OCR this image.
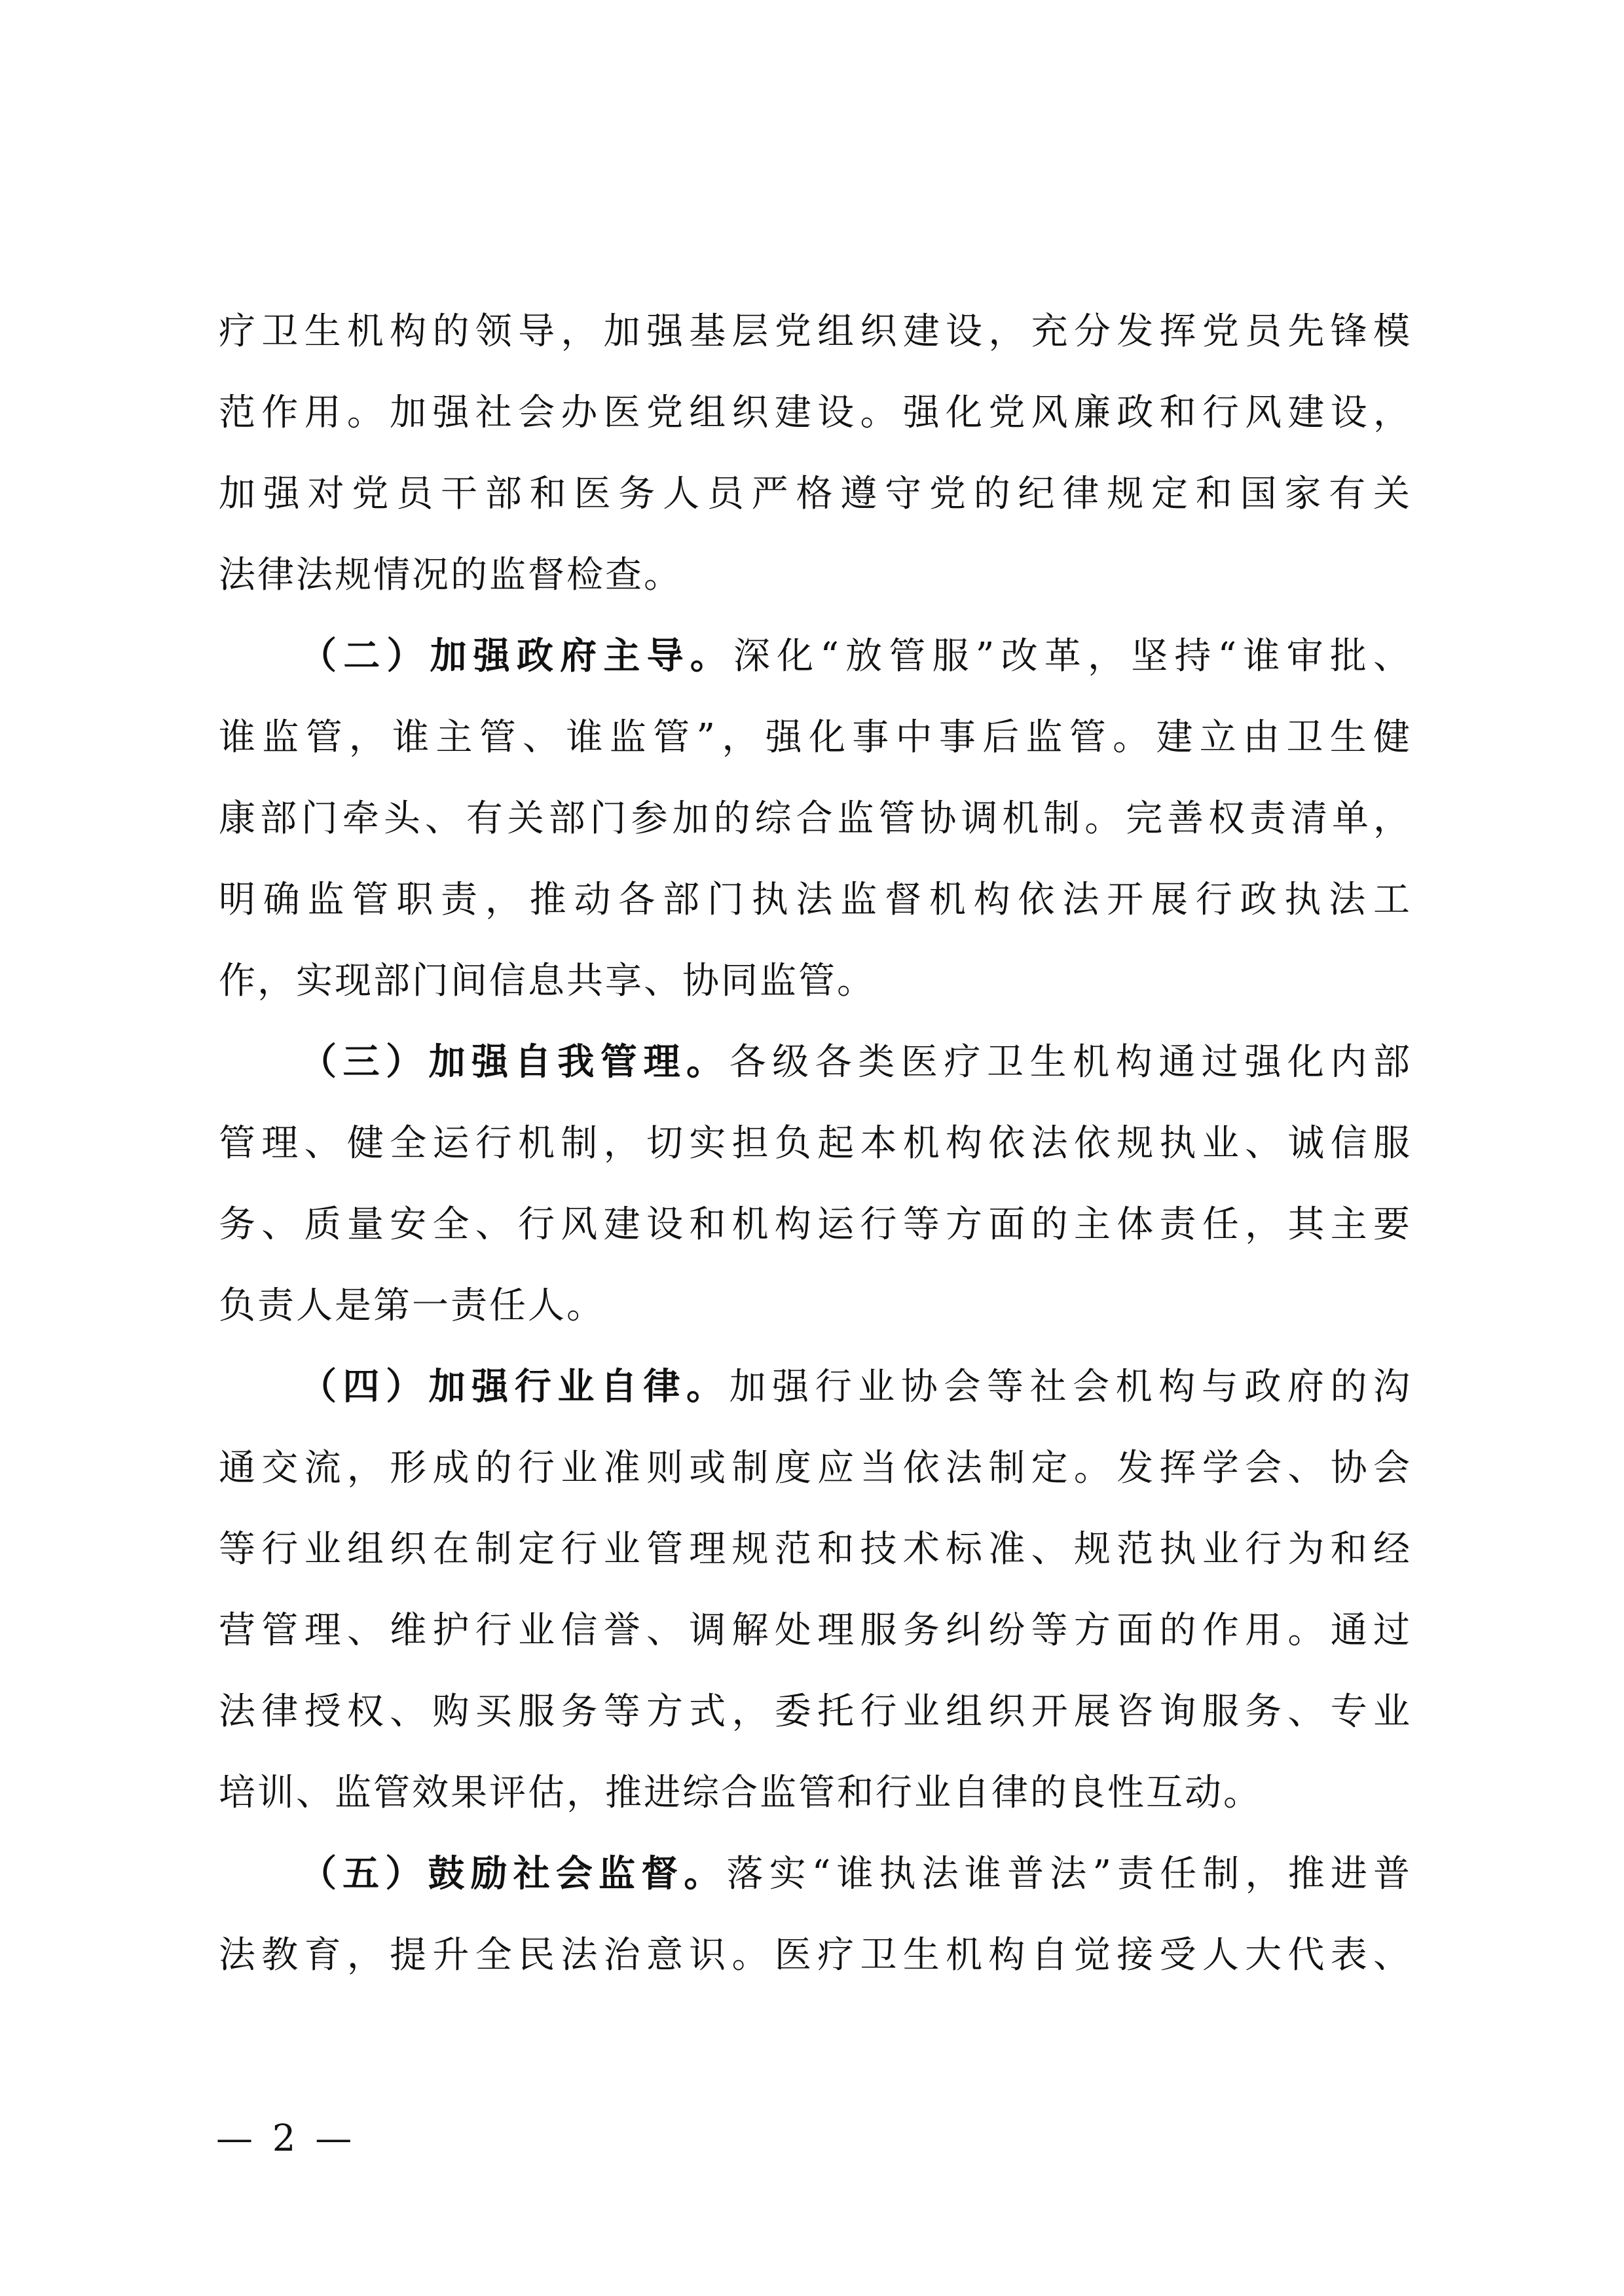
疗卫生机构的领导，加强基层党组织建设，充分发挥党员先锋模
范作用。加强社会办医党组织建设。强化党风廉政和行风建设，
加强对党员干部和医务人员严格遵守党的纪律规定和国家有关
法律法规情况的监督检查。
（二）加强政府主导。深化“放管服”改革，坚持“谁审批、
谁监管，谁主管、谁监管”，强化事中事后监管。建立由卫生健
康部门牵头、有关部门参加的综合监管协调机制。完善权责清单，
明确监管职责，推动各部门执法监督机构依法开展行政执法工
作，实现部门间信息共享、协同监管。
（三）加强自我管理。各级各类医疗卫生机构通过强化内部
管理、健全运行机制，切实担负起本机构依法依规执业、诚信服
务、质量安全、行风建设和机构运行等方面的主体责任，其主要
负责人是第一责任人。
（四）加强行业自律。加强行业协会等社会机构与政府的沟
通交流，形成的行业准则或制度应当依法制定。发挥学会、协会
等行业组织在制定行业管理规范和技术标准、规范执业行为和经
营管理、维护行业信誉、调解处理服务纠纷等方面的作用。通过
法律授权、购买服务等方式，委托行业组织开展咨询服务、专业
培训、监管效果评估，推进综合监管和行业自律的良性互动。
（五）鼓励社会监督。落实“谁执法谁普法”责任制，推进普
法教育，提升全民法治意识。医疗卫生机构自觉接受人大代表、
— 2 —
